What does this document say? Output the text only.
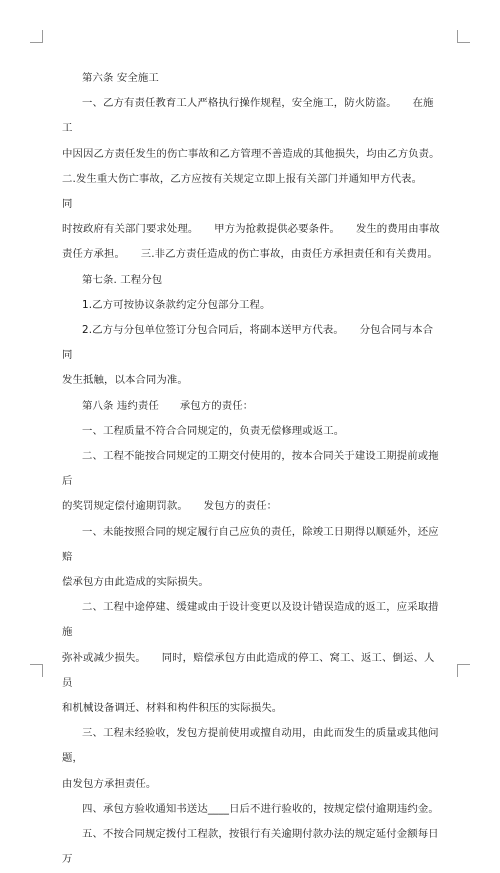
第六条 安全施工

一、乙方有责任教育工人严格执行操作规程，安全施工，防火防盗。　　在施工

中因因乙方责任发生的伤亡事故和乙方管理不善造成的其他损失，均由乙方负责。

二.发生重大伤亡事故，乙方应按有关规定立即上报有关部门并通知甲方代表。　　同

时按政府有关部门要求处理。　　甲方为抢救提供必要条件。　　发生的费用由事故

责任方承担。　　三.非乙方责任造成的伤亡事故，由责任方承担责任和有关费用。

第七条. 工程分包

1.乙方可按协议条款约定分包部分工程。

2.乙方与分包单位签订分包合同后，将副本送甲方代表。　　分包合同与本合同

发生抵触，以本合同为准。

第八条 违约责任　　承包方的责任：

一、工程质量不符合合同规定的，负责无偿修理或返工。

二、工程不能按合同规定的工期交付使用的，按本合同关于建设工期提前或拖后

的奖罚规定偿付逾期罚款。　　发包方的责任：

一、未能按照合同的规定履行自己应负的责任，除竣工日期得以顺延外，还应赔

偿承包方由此造成的实际损失。

二、工程中途停建、缓建或由于设计变更以及设计错误造成的返工，应采取措施

弥补或减少损失。　　同时，赔偿承包方由此造成的停工、窝工、返工、倒运、人员

和机械设备调迁、材料和构件积压的实际损失。

三、工程未经验收，发包方提前使用或擅自动用，由此而发生的质量或其他问题，

由发包方承担责任。

四、承包方验收通知书送达____日后不进行验收的，按规定偿付逾期违约金。

五、不按合同规定拨付工程款，按银行有关逾期付款办法的规定延付金额每日万
